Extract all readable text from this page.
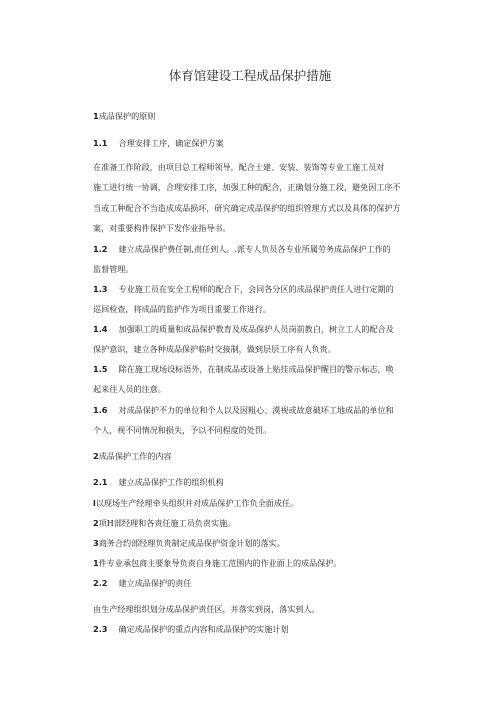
体育馆建设工程成品保护措施
1成品保护的原则
1.1 合理安排工序，确定保护方案
在准备工作阶段，由项目总工程师领导，配合土建、安装、装饰等专业工施工员对
施工进行统一协调，合理安排工序，加强工种的配合，正确划分施工段，避免因工序不
当或工种配合不当造成成品损坏，研究确定成品保护的组织管理方式以及具体的保护方
案，对重要构件保护下发作业指导书。
1.2 建立成品保护费任制,责任到人。.派专人负员各专业所属劳务成品保护工作的
监督管理。
1.3 专业施工员在安全工程师的配合下，会同各分区的成品保护责任人进行定期的
巡回检查，将成品的监护作为项目重要工作进行。
1.4 加强职工的质量和成品保护教育及成品保护人员岗前教白，树立工人的配合及
保护意识，建立各种成品保护临时交接制，做到层层工序有人负贵。
1.5 除在施工现场设标语外，在制成品或设备上贴挂成品保护醒目的警示标志，唤
起来往人员的注意。
1.6 对成品保护不力的单位和个人以及因粗心、漠视或故意破坏工地成品的单位和
个人，视不同情况和损失，予以不同程度的处罚。
2成品保护工作的内容
2.1 建立成品保护工作的组织机构
l以现场生产经理牵头组织并对成品保护工作负全面成任。
2项H部经理和各责任施工员负责实施。
3商务合约部经理负贵制定成品保护资金计划的落实。
1件专业承包商主要象导负责自身施工范围内的作业面上的成品保护。
2.2 建立成品保护的责任
由生产经理组织划分成品保护责任区，并落实到岗，落实到人。
2.3 确定成品保护的重点内容和成品保护的实施计划
